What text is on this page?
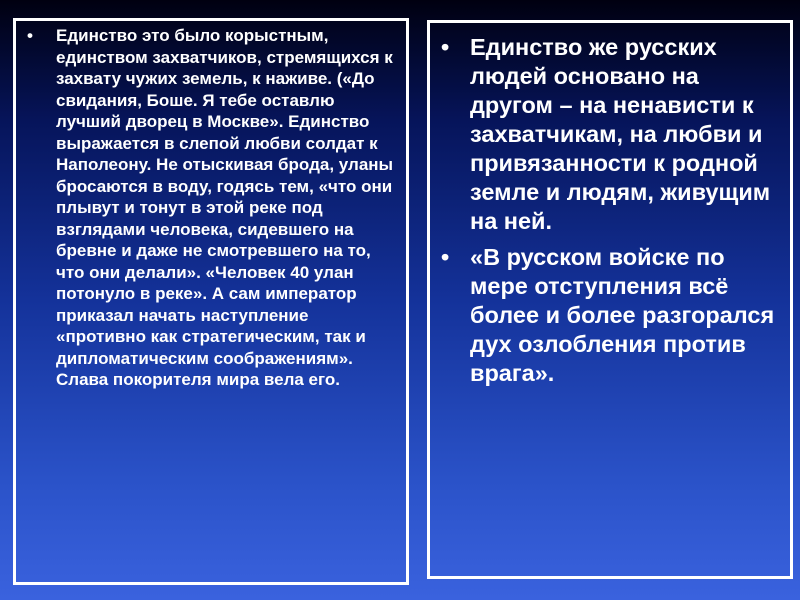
• Единство это было корыстным, единством захватчиков, стремящихся к захвату чужих земель, к наживе. («До свидания, Боше. Я тебе оставлю лучший дворец в Москве». Единство выражается в слепой любви солдат к Наполеону. Не отыскивая брода, уланы бросаются в воду, годясь тем, «что они плывут и тонут в этой реке под взглядами человека, сидевшего на бревне и даже не смотревшего на то, что они делали». «Человек 40 улан потонуло в реке». А сам император приказал начать наступление «противно как стратегическим, так и дипломатическим соображениям». Слава покорителя мира вела его.
• Единство же русских людей основано на другом – на ненависти к захватчикам, на любви и привязанности к родной земле и людям, живущим на ней.
• «В русском войске по мере отступления всё более и более разгорался дух озлобления против врага».
